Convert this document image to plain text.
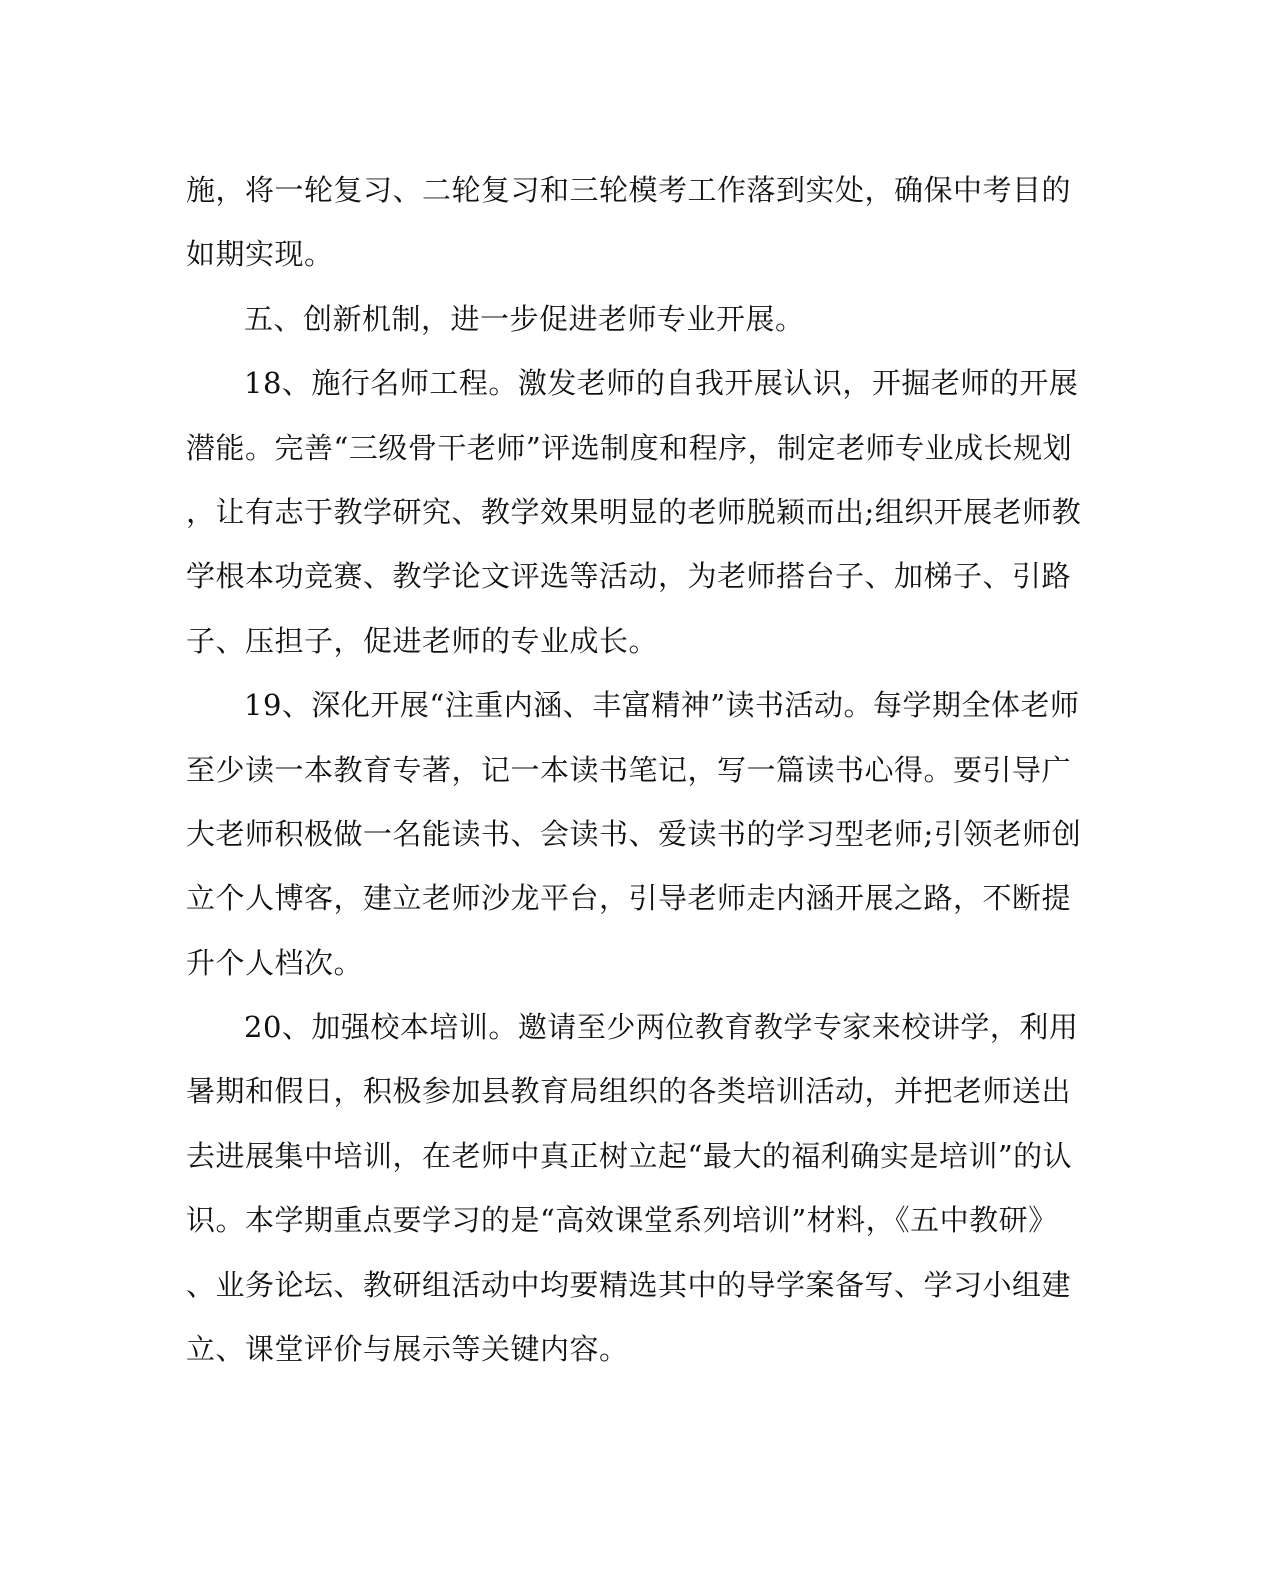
施，将一轮复习、二轮复习和三轮模考工作落到实处，确保中考目的
如期实现。
五、创新机制，进一步促进老师专业开展。
18、施行名师工程。激发老师的自我开展认识，开掘老师的开展
潜能。完善“三级骨干老师”评选制度和程序，制定老师专业成长规划
，让有志于教学研究、教学效果明显的老师脱颖而出;组织开展老师教
学根本功竞赛、教学论文评选等活动，为老师搭台子、加梯子、引路
子、压担子，促进老师的专业成长。
19、深化开展“注重内涵、丰富精神”读书活动。每学期全体老师
至少读一本教育专著，记一本读书笔记，写一篇读书心得。要引导广
大老师积极做一名能读书、会读书、爱读书的学习型老师;引领老师创
立个人博客，建立老师沙龙平台，引导老师走内涵开展之路，不断提
升个人档次。
20、加强校本培训。邀请至少两位教育教学专家来校讲学，利用
暑期和假日，积极参加县教育局组织的各类培训活动，并把老师送出
去进展集中培训，在老师中真正树立起“最大的福利确实是培训”的认
识。本学期重点要学习的是“高效课堂系列培训”材料，《五中教研》
、业务论坛、教研组活动中均要精选其中的导学案备写、学习小组建
立、课堂评价与展示等关键内容。
